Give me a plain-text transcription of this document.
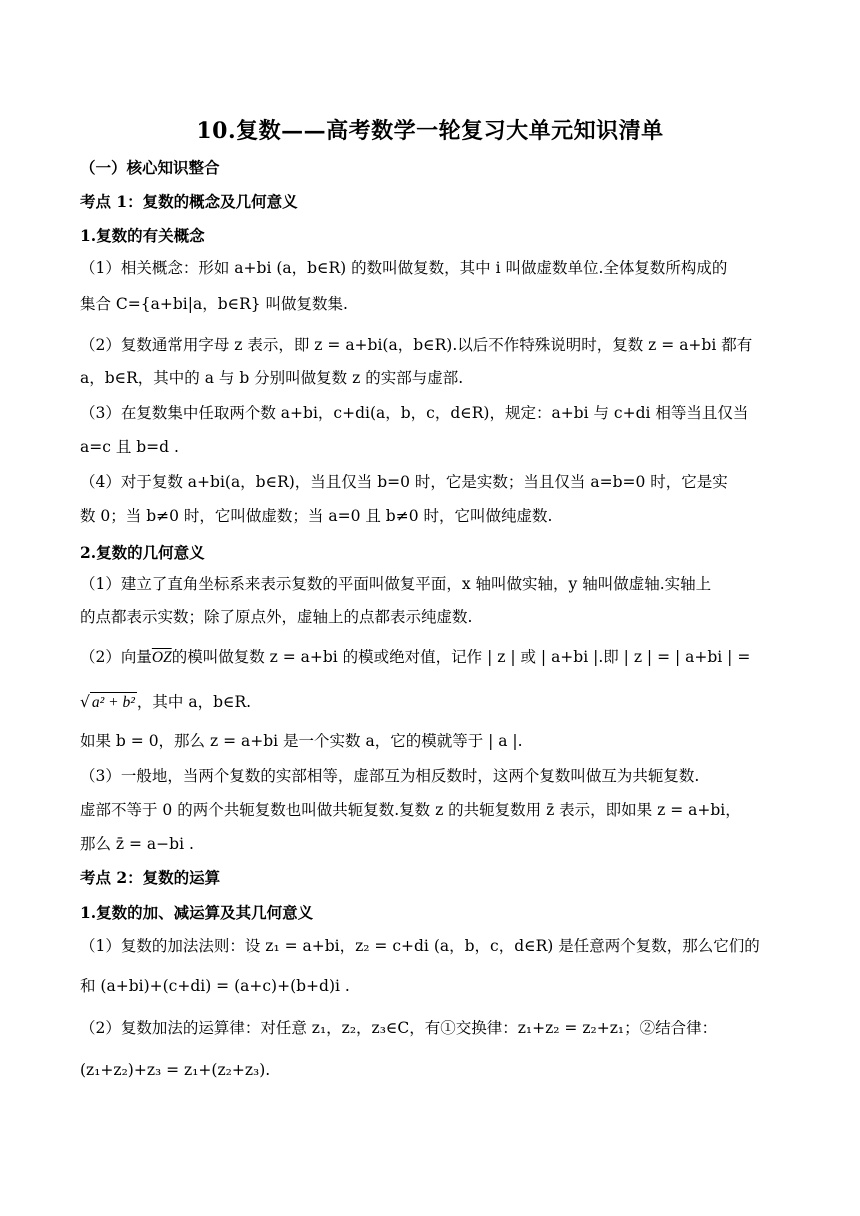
10.复数——高考数学一轮复习大单元知识清单
（一）核心知识整合
考点 1：复数的概念及几何意义
1.复数的有关概念
（1）相关概念：形如 a+bi (a，b∈R) 的数叫做复数，其中 i 叫做虚数单位.全体复数所构成的
集合 C={a+bi|a，b∈R} 叫做复数集.
（2）复数通常用字母 z 表示，即 z = a+bi(a，b∈R).以后不作特殊说明时，复数 z = a+bi 都有
a，b∈R，其中的 a 与 b 分别叫做复数 z 的实部与虚部.
（3）在复数集中任取两个数 a+bi，c+di(a，b，c，d∈R)，规定：a+bi 与 c+di 相等当且仅当
a=c 且 b=d .
（4）对于复数 a+bi(a，b∈R)，当且仅当 b=0 时，它是实数；当且仅当 a=b=0 时，它是实
数 0；当 b≠0 时，它叫做虚数；当 a=0 且 b≠0 时，它叫做纯虚数.
2.复数的几何意义
（1）建立了直角坐标系来表示复数的平面叫做复平面，x 轴叫做实轴，y 轴叫做虚轴.实轴上
的点都表示实数；除了原点外，虚轴上的点都表示纯虚数.
（2）向量$\overline{OZ}$的模叫做复数 z = a+bi 的模或绝对值，记作 | z | 或 | a+bi |.即 | z | = | a+bi | =
√ a² + b² ，其中 a，b∈R.
如果 b = 0，那么 z = a+bi 是一个实数 a，它的模就等于 | a |.
（3）一般地，当两个复数的实部相等，虚部互为相反数时，这两个复数叫做互为共轭复数.
虚部不等于 0 的两个共轭复数也叫做共轭复数.复数 z 的共轭复数用 z̄ 表示，即如果 z = a+bi，
那么 z̄ = a−bi .
考点 2：复数的运算
1.复数的加、减运算及其几何意义
（1）复数的加法法则：设 z₁ = a+bi，z₂ = c+di (a，b，c，d∈R) 是任意两个复数，那么它们的
和 (a+bi)+(c+di) = (a+c)+(b+d)i .
（2）复数加法的运算律：对任意 z₁，z₂，z₃∈C，有①交换律：z₁+z₂ = z₂+z₁；②结合律：
(z₁+z₂)+z₃ = z₁+(z₂+z₃).
